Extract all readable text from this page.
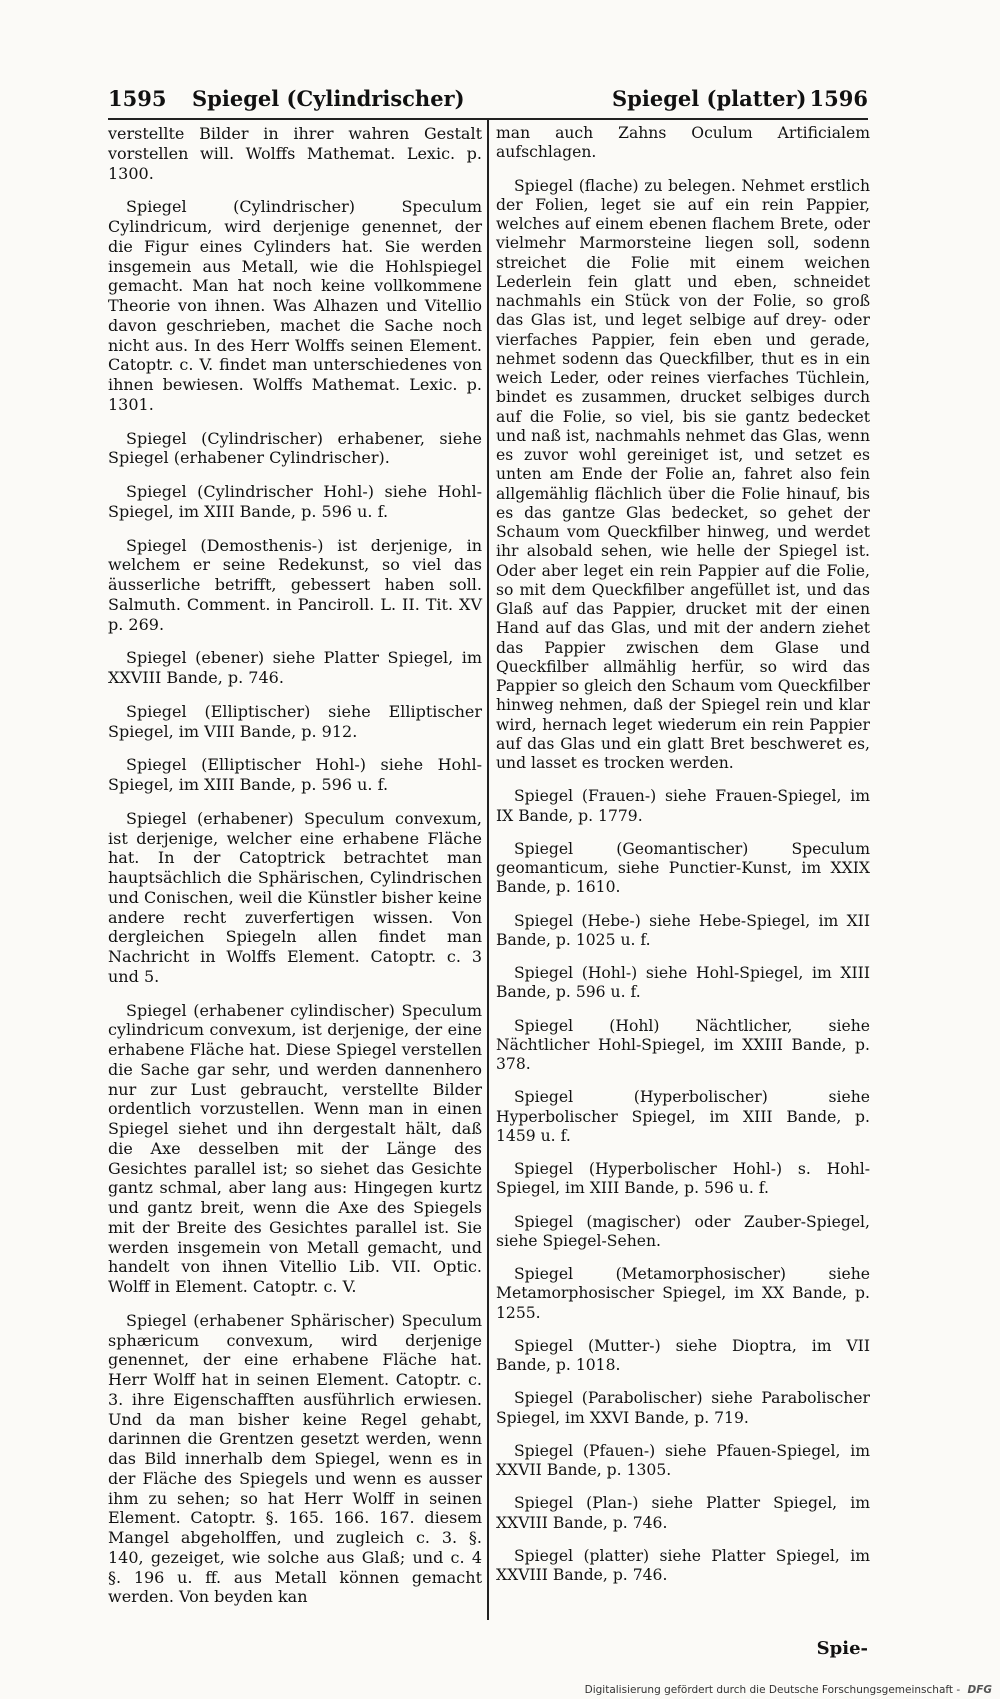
1595 Spiegel (Cylindrischer)	Spiegel (platter) 1596

verstellte Bilder in ihrer wahren Gestalt vorstellen will. Wolffs Mathemat. Lexic. p. 1300.

Spiegel (Cylindrischer) Speculum Cylindricum, wird derjenige genennet, der die Figur eines Cylinders hat. Sie werden insgemein aus Metall, wie die Hohlspiegel gemacht. Man hat noch keine vollkommene Theorie von ihnen. Was Alhazen und Vitellio davon geschrieben, machet die Sache noch nicht aus. In des Herr Wolffs seinen Element. Catoptr. c. V. findet man unterschiedenes von ihnen bewiesen. Wolffs Mathemat. Lexic. p. 1301.

Spiegel (Cylindrischer) erhabener, siehe Spiegel (erhabener Cylindrischer).

Spiegel (Cylindrischer Hohl-) siehe Hohl-Spiegel, im XIII Bande, p. 596 u. f.

Spiegel (Demosthenis-) ist derjenige, in welchem er seine Redekunst, so viel das äusserliche betrifft, gebessert haben soll. Salmuth. Comment. in Panciroll. L. II. Tit. XV p. 269.

Spiegel (ebener) siehe Platter Spiegel, im XXVIII Bande, p. 746.

Spiegel (Elliptischer) siehe Elliptischer Spiegel, im VIII Bande, p. 912.

Spiegel (Elliptischer Hohl-) siehe Hohl-Spiegel, im XIII Bande, p. 596 u. f.

Spiegel (erhabener) Speculum convexum, ist derjenige, welcher eine erhabene Fläche hat. In der Catoptrick betrachtet man hauptsächlich die Sphärischen, Cylindrischen und Conischen, weil die Künstler bisher keine andere recht zuverfertigen wissen. Von dergleichen Spiegeln allen findet man Nachricht in Wolffs Element. Catoptr. c. 3 und 5.

Spiegel (erhabener cylindischer) Speculum cylindricum convexum, ist derjenige, der eine erhabene Fläche hat. Diese Spiegel verstellen die Sache gar sehr, und werden dannenhero nur zur Lust gebraucht, verstellte Bilder ordentlich vorzustellen. Wenn man in einen Spiegel siehet und ihn dergestalt hält, daß die Axe desselben mit der Länge des Gesichtes parallel ist; so siehet das Gesichte gantz schmal, aber lang aus: Hingegen kurtz und gantz breit, wenn die Axe des Spiegels mit der Breite des Gesichtes parallel ist. Sie werden insgemein von Metall gemacht, und handelt von ihnen Vitellio Lib. VII. Optic. Wolff in Element. Catoptr. c. V.

Spiegel (erhabener Sphärischer) Speculum sphæricum convexum, wird derjenige genennet, der eine erhabene Fläche hat. Herr Wolff hat in seinen Element. Catoptr. c. 3. ihre Eigenschafften ausführlich erwiesen. Und da man bisher keine Regel gehabt, darinnen die Grentzen gesetzt werden, wenn das Bild innerhalb dem Spiegel, wenn es in der Fläche des Spiegels und wenn es ausser ihm zu sehen; so hat Herr Wolff in seinen Element. Catoptr. §. 165. 166. 167. diesem Mangel abgeholffen, und zugleich c. 3. §. 140, gezeiget, wie solche aus Glaß; und c. 4 §. 196 u. ff. aus Metall können gemacht werden. Von beyden kan

man auch Zahns Oculum Artificialem aufschlagen.

Spiegel (flache) zu belegen. Nehmet erstlich der Folien, leget sie auf ein rein Pappier, welches auf einem ebenen flachem Brete, oder vielmehr Marmorsteine liegen soll, sodenn streichet die Folie mit einem weichen Lederlein fein glatt und eben, schneidet nachmahls ein Stück von der Folie, so groß das Glas ist, und leget selbige auf drey- oder vierfaches Pappier, fein eben und gerade, nehmet sodenn das Queckfilber, thut es in ein weich Leder, oder reines vierfaches Tüchlein, bindet es zusammen, drucket selbiges durch auf die Folie, so viel, bis sie gantz bedecket und naß ist, nachmahls nehmet das Glas, wenn es zuvor wohl gereiniget ist, und setzet es unten am Ende der Folie an, fahret also fein allgemählig flächlich über die Folie hinauf, bis es das gantze Glas bedecket, so gehet der Schaum vom Queckfilber hinweg, und werdet ihr alsobald sehen, wie helle der Spiegel ist. Oder aber leget ein rein Pappier auf die Folie, so mit dem Queckfilber angefüllet ist, und das Glaß auf das Pappier, drucket mit der einen Hand auf das Glas, und mit der andern ziehet das Pappier zwischen dem Glase und Queckfilber allmählig herfür, so wird das Pappier so gleich den Schaum vom Queckfilber hinweg nehmen, daß der Spiegel rein und klar wird, hernach leget wiederum ein rein Pappier auf das Glas und ein glatt Bret beschweret es, und lasset es trocken werden.

Spiegel (Frauen-) siehe Frauen-Spiegel, im IX Bande, p. 1779.

Spiegel (Geomantischer) Speculum geomanticum, siehe Punctier-Kunst, im XXIX Bande, p. 1610.

Spiegel (Hebe-) siehe Hebe-Spiegel, im XII Bande, p. 1025 u. f.

Spiegel (Hohl-) siehe Hohl-Spiegel, im XIII Bande, p. 596 u. f.

Spiegel (Hohl) Nächtlicher, siehe Nächtlicher Hohl-Spiegel, im XXIII Bande, p. 378.

Spiegel (Hyperbolischer) siehe Hyperbolischer Spiegel, im XIII Bande, p. 1459 u. f.

Spiegel (Hyperbolischer Hohl-) s. Hohl-Spiegel, im XIII Bande, p. 596 u. f.

Spiegel (magischer) oder Zauber-Spiegel, siehe Spiegel-Sehen.

Spiegel (Metamorphosischer) siehe Metamorphosischer Spiegel, im XX Bande, p. 1255.

Spiegel (Mutter-) siehe Dioptra, im VII Bande, p. 1018.

Spiegel (Parabolischer) siehe Parabolischer Spiegel, im XXVI Bande, p. 719.

Spiegel (Pfauen-) siehe Pfauen-Spiegel, im XXVII Bande, p. 1305.

Spiegel (Plan-) siehe Platter Spiegel, im XXVIII Bande, p. 746.

Spiegel (platter) siehe Platter Spiegel, im XXVIII Bande, p. 746.

Spie-
Digitalisierung gefördert durch die Deutsche Forschungsgemeinschaft - DFG
